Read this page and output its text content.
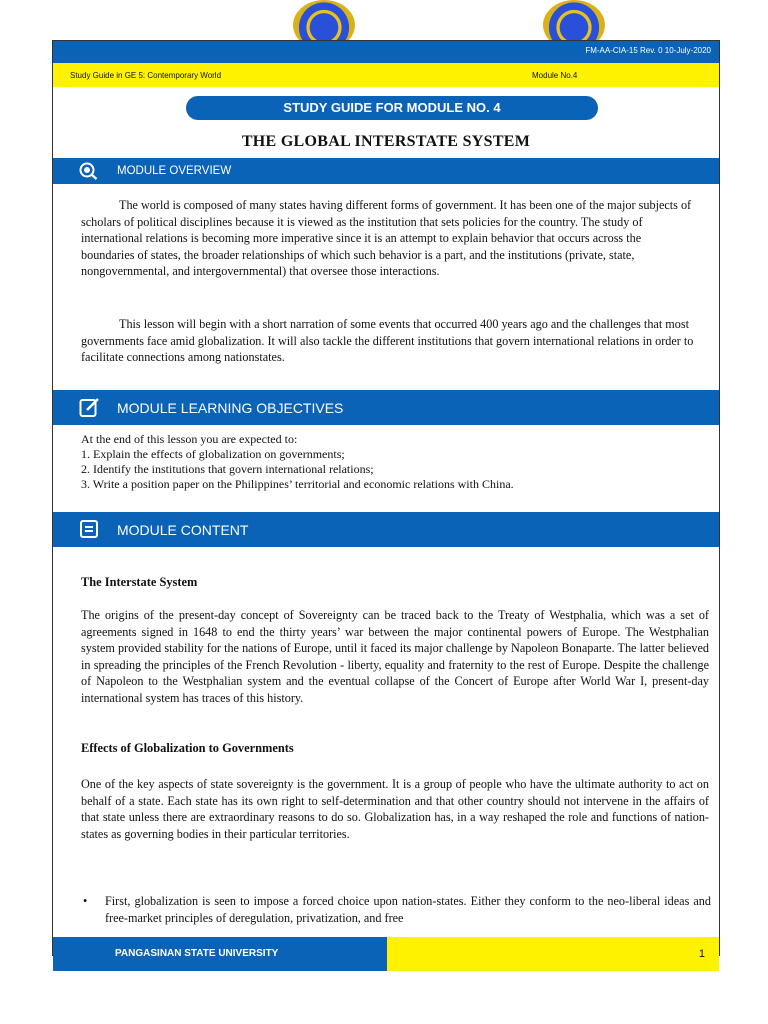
FM-AA-CIA-15 Rev. 0 10-July-2020
Study Guide in GE 5: Contemporary World	Module No.4
STUDY GUIDE FOR MODULE NO. 4
THE GLOBAL INTERSTATE SYSTEM
MODULE OVERVIEW
The world is composed of many states having different forms of government. It has been one of the major subjects of scholars of political disciplines because it is viewed as the institution that sets policies for the country. The study of international relations is becoming more imperative since it is an attempt to explain behavior that occurs across the boundaries of states, the broader relationships of which such behavior is a part, and the institutions (private, state, nongovernmental, and intergovernmental) that oversee those interactions.
This lesson will begin with a short narration of some events that occurred 400 years ago and the challenges that most governments face amid globalization. It will also tackle the different institutions that govern international relations in order to facilitate connections among nationstates.
MODULE LEARNING OBJECTIVES
At the end of this lesson you are expected to:
1. Explain the effects of globalization on governments;
2. Identify the institutions that govern international relations;
3. Write a position paper on the Philippines’ territorial and economic relations with China.
MODULE CONTENT
The Interstate System
The origins of the present-day concept of Sovereignty can be traced back to the Treaty of Westphalia, which was a set of agreements signed in 1648 to end the thirty years’ war between the major continental powers of Europe. The Westphalian system provided stability for the nations of Europe, until it faced its major challenge by Napoleon Bonaparte. The latter believed in spreading the principles of the French Revolution - liberty, equality and fraternity to the rest of Europe. Despite the challenge of Napoleon to the Westphalian system and the eventual collapse of the Concert of Europe after World War I, present-day international system has traces of this history.
Effects of Globalization to Governments
One of the key aspects of state sovereignty is the government. It is a group of people who have the ultimate authority to act on behalf of a state. Each state has its own right to self-determination and that other country should not intervene in the affairs of that state unless there are extraordinary reasons to do so. Globalization has, in a way reshaped the role and functions of nation-states as governing bodies in their particular territories.
• First, globalization is seen to impose a forced choice upon nation-states. Either they conform to the neo-liberal ideas and free-market principles of deregulation, privatization, and free
PANGASINAN STATE UNIVERSITY	1
